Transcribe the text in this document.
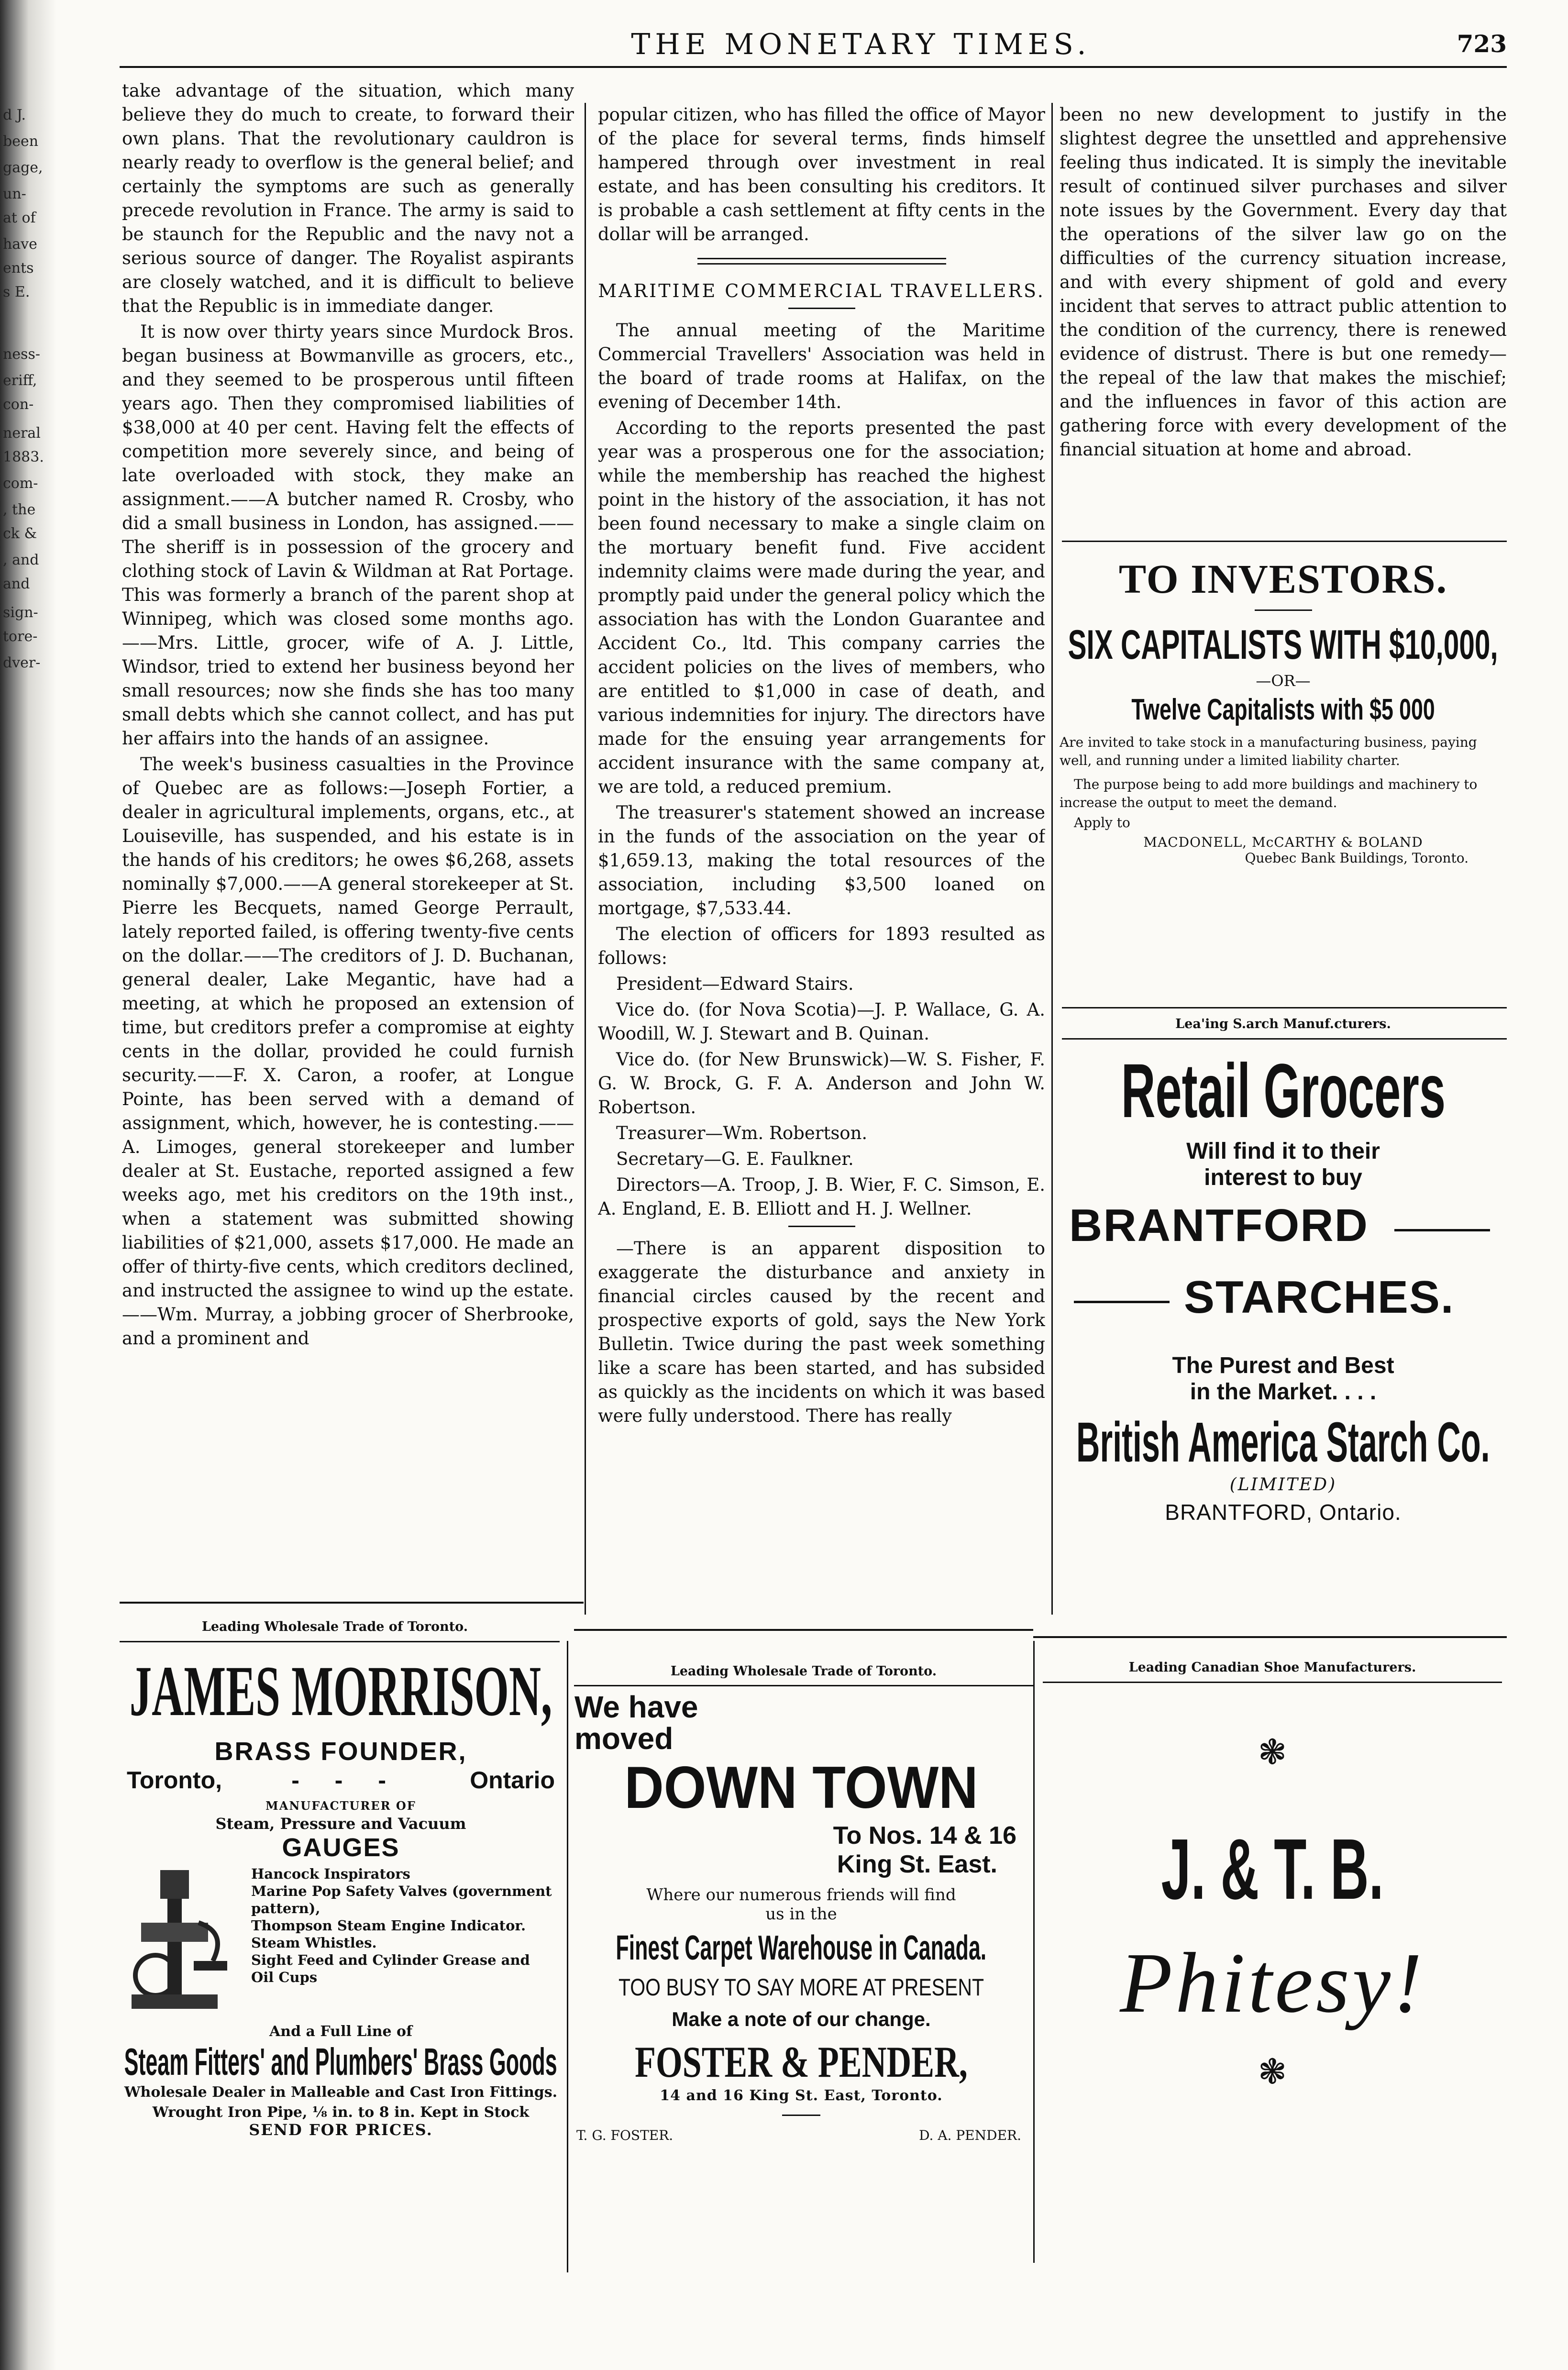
d J.
been
gage,
un-
at of
have
ents
s E.
ness-
eriff,
con-
neral
1883.
com-
, the
ck &
, and
and
sign-
tore-
dver-
THE MONETARY TIMES.	723

take advantage of the situation, which many believe they do much to create, to forward their own plans. That the revolutionary cauldron is nearly ready to overflow is the general belief; and certainly the symptoms are such as generally precede revolution in France. The army is said to be staunch for the Republic and the navy not a serious source of danger. The Royalist aspirants are closely watched, and it is difficult to believe that the Republic is in immediate danger.

It is now over thirty years since Murdock Bros. began business at Bowmanville as grocers, etc., and they seemed to be prosperous until fifteen years ago. Then they compromised liabilities of $38,000 at 40 per cent. Having felt the effects of competition more severely since, and being of late overloaded with stock, they make an assignment.——A butcher named R. Crosby, who did a small business in London, has assigned.——The sheriff is in possession of the grocery and clothing stock of Lavin & Wildman at Rat Portage. This was formerly a branch of the parent shop at Winnipeg, which was closed some months ago.——Mrs. Little, grocer, wife of A. J. Little, Windsor, tried to extend her business beyond her small resources; now she finds she has too many small debts which she cannot collect, and has put her affairs into the hands of an assignee.

The week's business casualties in the Province of Quebec are as follows:—Joseph Fortier, a dealer in agricultural implements, organs, etc., at Louiseville, has suspended, and his estate is in the hands of his creditors; he owes $6,268, assets nominally $7,000.——A general storekeeper at St. Pierre les Becquets, named George Perrault, lately reported failed, is offering twenty-five cents on the dollar.——The creditors of J. D. Buchanan, general dealer, Lake Megantic, have had a meeting, at which he proposed an extension of time, but creditors prefer a compromise at eighty cents in the dollar, provided he could furnish security.——F. X. Caron, a roofer, at Longue Pointe, has been served with a demand of assignment, which, however, he is contesting.——A. Limoges, general storekeeper and lumber dealer at St. Eustache, reported assigned a few weeks ago, met his creditors on the 19th inst., when a statement was submitted showing liabilities of $21,000, assets $17,000. He made an offer of thirty-five cents, which creditors declined, and instructed the assignee to wind up the estate.——Wm. Murray, a jobbing grocer of Sherbrooke, and a prominent and

popular citizen, who has filled the office of Mayor of the place for several terms, finds himself hampered through over investment in real estate, and has been consulting his creditors. It is probable a cash settlement at fifty cents in the dollar will be arranged.

MARITIME COMMERCIAL TRAVELLERS.

The annual meeting of the Maritime Commercial Travellers' Association was held in the board of trade rooms at Halifax, on the evening of December 14th.

According to the reports presented the past year was a prosperous one for the association; while the membership has reached the highest point in the history of the association, it has not been found necessary to make a single claim on the mortuary benefit fund. Five accident indemnity claims were made during the year, and promptly paid under the general policy which the association has with the London Guarantee and Accident Co., ltd. This company carries the accident policies on the lives of members, who are entitled to $1,000 in case of death, and various indemnities for injury. The directors have made for the ensuing year arrangements for accident insurance with the same company at, we are told, a reduced premium.

The treasurer's statement showed an increase in the funds of the association on the year of $1,659.13, making the total resources of the association, including $3,500 loaned on mortgage, $7,533.44.

The election of officers for 1893 resulted as follows:

President—Edward Stairs.

Vice do. (for Nova Scotia)—J. P. Wallace, G. A. Woodill, W. J. Stewart and B. Quinan.

Vice do. (for New Brunswick)—W. S. Fisher, F. G. W. Brock, G. F. A. Anderson and John W. Robertson.

Treasurer—Wm. Robertson.

Secretary—G. E. Faulkner.

Directors—A. Troop, J. B. Wier, F. C. Simson, E. A. England, E. B. Elliott and H. J. Wellner.

—There is an apparent disposition to exaggerate the disturbance and anxiety in financial circles caused by the recent and prospective exports of gold, says the New York Bulletin. Twice during the past week something like a scare has been started, and has subsided as quickly as the incidents on which it was based were fully understood. There has really

been no new development to justify in the slightest degree the unsettled and apprehensive feeling thus indicated. It is simply the inevitable result of continued silver purchases and silver note issues by the Government. Every day that the operations of the silver law go on the difficulties of the currency situation increase, and with every shipment of gold and every incident that serves to attract public attention to the condition of the currency, there is renewed evidence of distrust. There is but one remedy—the repeal of the law that makes the mischief; and the influences in favor of this action are gathering force with every development of the financial situation at home and abroad.

TO INVESTORS.
SIX CAPITALISTS WITH $10,000,
—OR—
Twelve Capitalists with $5 000
Are invited to take stock in a manufacturing business, paying well, and running under a limited liability charter.
The purpose being to add more buildings and machinery to increase the output to meet the demand.
Apply to
MACDONELL, McCARTHY & BOLAND
Quebec Bank Buildings, Toronto.
Lea'ing S.arch Manuf.cturers.
Retail Grocers
Will find it to their
interest to buy
BRANTFORD
STARCHES.
The Purest and Best
in the Market. . . .
British America Starch Co.
(LIMITED)
BRANTFORD, Ontario.
Leading Wholesale Trade of Toronto.
JAMES MORRISON,
BRASS FOUNDER,
Toronto,	- - -	Ontario
MANUFACTURER OF
Steam, Pressure and Vacuum
GAUGES
Hancock Inspirators
Marine Pop Safety Valves (government pattern),
Thompson Steam Engine Indicator.
Steam Whistles.
Sight Feed and Cylinder Grease and Oil Cups
And a Full Line of
Steam Fitters' and Plumbers' Brass Goods
Wholesale Dealer in Malleable and Cast Iron Fittings.
Wrought Iron Pipe, ⅛ in. to 8 in. Kept in Stock
SEND FOR PRICES.
Leading Wholesale Trade of Toronto.
We have
moved
DOWN TOWN
To Nos. 14 & 16
King St. East.
Where our numerous friends will find
us in the
Finest Carpet Warehouse in Canada.
TOO BUSY TO SAY MORE AT PRESENT
Make a note of our change.
FOSTER & PENDER,
14 and 16 King St. East, Toronto.
T. G. FOSTER.	D. A. PENDER.
Leading Canadian Shoe Manufacturers.
❃
J. & T. B.
Phitesy!
❃
